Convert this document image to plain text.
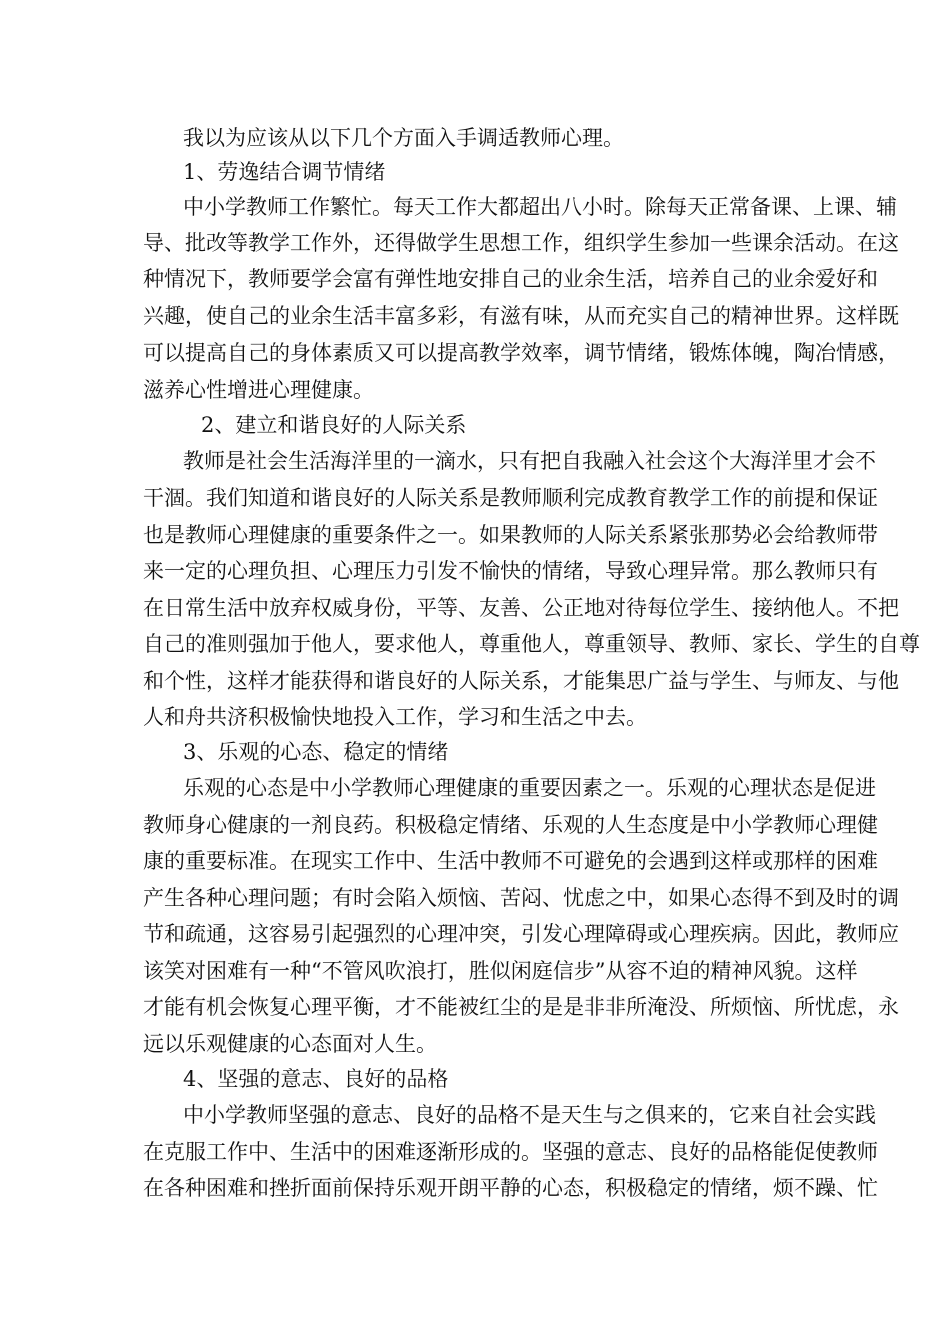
我以为应该从以下几个方面入手调适教师心理。
1、劳逸结合调节情绪
中小学教师工作繁忙。每天工作大都超出八小时。除每天正常备课、上课、辅
导、批改等教学工作外，还得做学生思想工作，组织学生参加一些课余活动。在这
种情况下，教师要学会富有弹性地安排自己的业余生活，培养自己的业余爱好和
兴趣，使自己的业余生活丰富多彩，有滋有味，从而充实自己的精神世界。这样既
可以提高自己的身体素质又可以提高教学效率，调节情绪，锻炼体魄，陶冶情感，
滋养心性增进心理健康。
2、建立和谐良好的人际关系
教师是社会生活海洋里的一滴水，只有把自我融入社会这个大海洋里才会不
干涸。我们知道和谐良好的人际关系是教师顺利完成教育教学工作的前提和保证
也是教师心理健康的重要条件之一。如果教师的人际关系紧张那势必会给教师带
来一定的心理负担、心理压力引发不愉快的情绪，导致心理异常。那么教师只有
在日常生活中放弃权威身份，平等、友善、公正地对待每位学生、接纳他人。不把
自己的准则强加于他人，要求他人，尊重他人，尊重领导、教师、家长、学生的自尊
和个性，这样才能获得和谐良好的人际关系，才能集思广益与学生、与师友、与他
人和舟共济积极愉快地投入工作，学习和生活之中去。
3、乐观的心态、稳定的情绪
乐观的心态是中小学教师心理健康的重要因素之一。乐观的心理状态是促进
教师身心健康的一剂良药。积极稳定情绪、乐观的人生态度是中小学教师心理健
康的重要标准。在现实工作中、生活中教师不可避免的会遇到这样或那样的困难
产生各种心理问题；有时会陷入烦恼、苦闷、忧虑之中，如果心态得不到及时的调
节和疏通，这容易引起强烈的心理冲突，引发心理障碍或心理疾病。因此，教师应
该笑对困难有一种“不管风吹浪打，胜似闲庭信步”从容不迫的精神风貌。这样
才能有机会恢复心理平衡，才不能被红尘的是是非非所淹没、所烦恼、所忧虑，永
远以乐观健康的心态面对人生。
4、坚强的意志、良好的品格
中小学教师坚强的意志、良好的品格不是天生与之俱来的，它来自社会实践
在克服工作中、生活中的困难逐渐形成的。坚强的意志、良好的品格能促使教师
在各种困难和挫折面前保持乐观开朗平静的心态，积极稳定的情绪，烦不躁、忙
